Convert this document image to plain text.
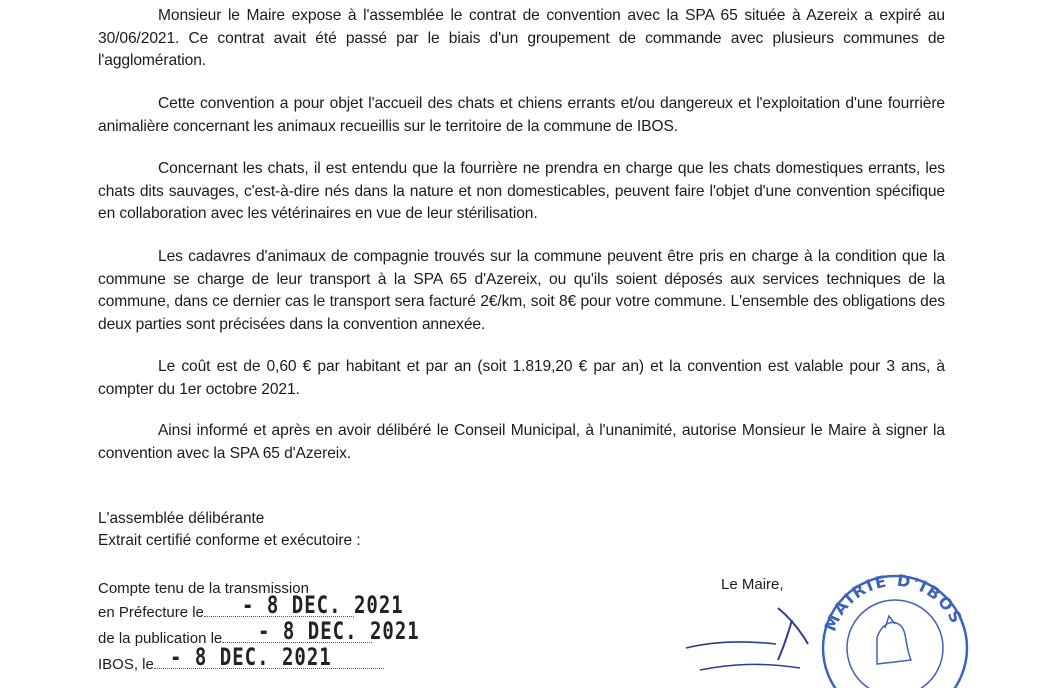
Monsieur le Maire expose à l'assemblée le contrat de convention avec la SPA 65 située à Azereix a expiré au 30/06/2021. Ce contrat avait été passé par le biais d'un groupement de commande avec plusieurs communes de l'agglomération.

Cette convention a pour objet l'accueil des chats et chiens errants et/ou dangereux et l'exploitation d'une fourrière animalière concernant les animaux recueillis sur le territoire de la commune de IBOS.

Concernant les chats, il est entendu que la fourrière ne prendra en charge que les chats domestiques errants, les chats dits sauvages, c'est-à-dire nés dans la nature et non domesticables, peuvent faire l'objet d'une convention spécifique en collaboration avec les vétérinaires en vue de leur stérilisation.

Les cadavres d'animaux de compagnie trouvés sur la commune peuvent être pris en charge à la condition que la commune se charge de leur transport à la SPA 65 d'Azereix, ou qu'ils soient déposés aux services techniques de la commune, dans ce dernier cas le transport sera facturé 2€/km, soit 8€ pour votre commune. L'ensemble des obligations des deux parties sont précisées dans la convention annexée.

Le coût est de 0,60 € par habitant et par an (soit 1.819,20 € par an) et la convention est valable pour 3 ans, à compter du 1er octobre 2021.

Ainsi informé et après en avoir délibéré le Conseil Municipal, à l'unanimité, autorise Monsieur le Maire à signer la convention avec la SPA 65 d'Azereix.

L'assemblée délibérante
Extrait certifié conforme et exécutoire :
Compte tenu de la transmission
en Préfecture le	- 8 DEC. 2021
de la publication le	- 8 DEC. 2021
IBOS, le - 8 DEC. 2021
Le Maire,
MAIRIE D'IBOS
